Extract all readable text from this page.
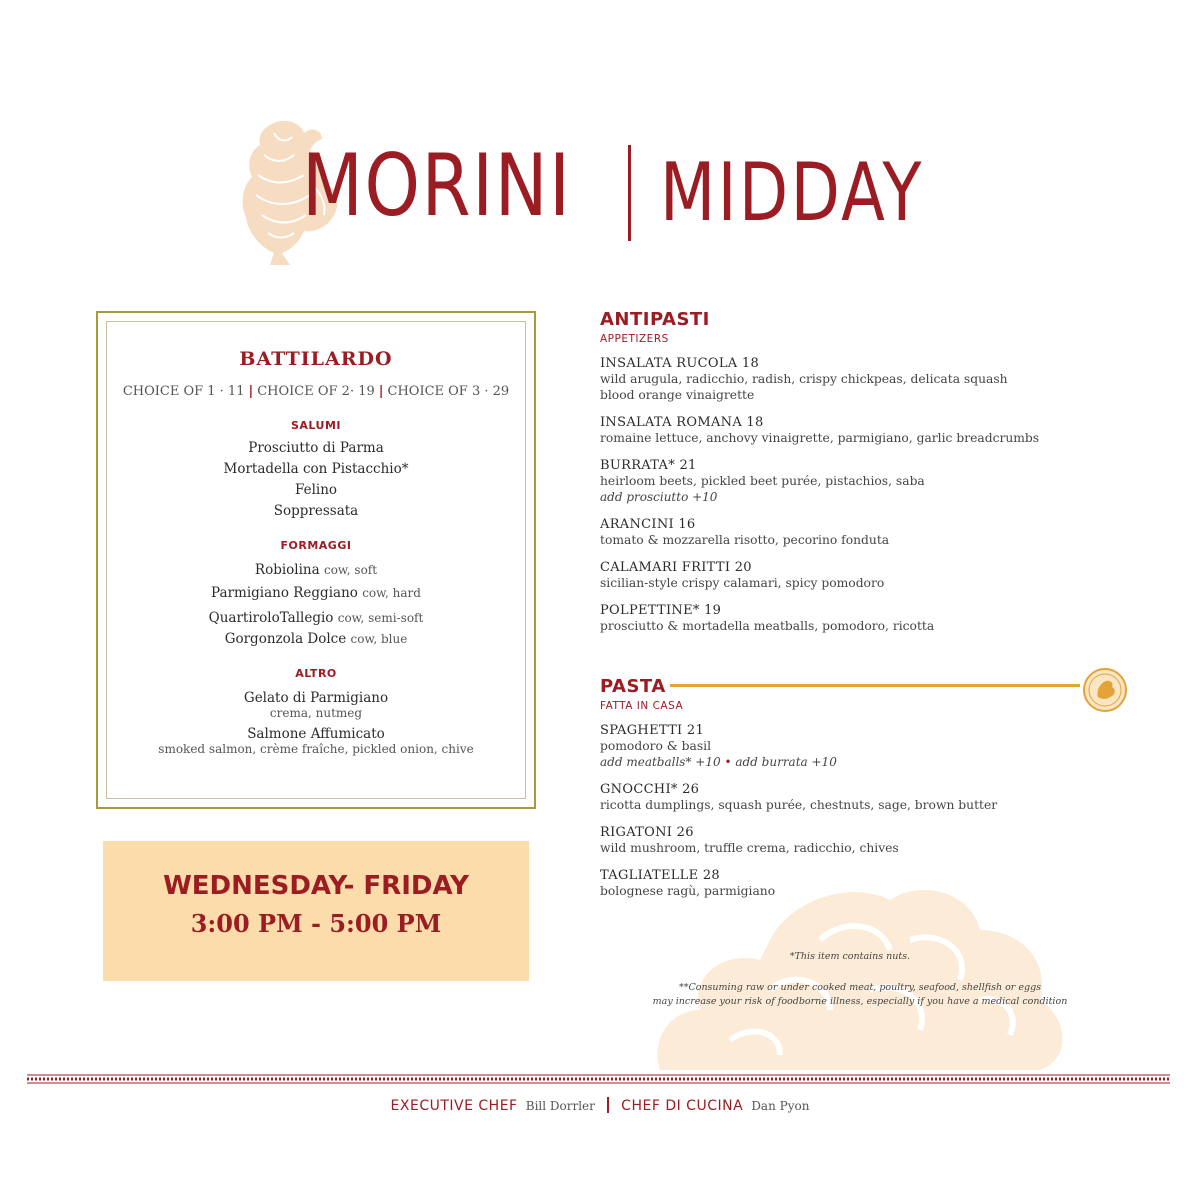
MORINI MIDDAY
BATTILARDO
CHOICE OF 1 · 11 | CHOICE OF 2· 19 | CHOICE OF 3 · 29
SALUMI
Prosciutto di Parma
Mortadella con Pistacchio*
Felino
Soppressata
FORMAGGI
Robiolina cow, soft
Parmigiano Reggiano cow, hard
QuartiroloTallegio cow, semi-soft
Gorgonzola Dolce cow, blue
ALTRO
Gelato di Parmigiano
crema, nutmeg
Salmone Affumicato
smoked salmon, crème fraîche, pickled onion, chive
WEDNESDAY- FRIDAY
3:00 PM - 5:00 PM
ANTIPASTI
APPETIZERS
INSALATA RUCOLA 18
wild arugula, radicchio, radish, crispy chickpeas, delicata squash
blood orange vinaigrette
INSALATA ROMANA 18
romaine lettuce, anchovy vinaigrette, parmigiano, garlic breadcrumbs
BURRATA* 21
heirloom beets, pickled beet purée, pistachios, saba
add prosciutto +10
ARANCINI 16
tomato & mozzarella risotto, pecorino fonduta
CALAMARI FRITTI 20
sicilian-style crispy calamari, spicy pomodoro
POLPETTINE* 19
prosciutto & mortadella meatballs, pomodoro, ricotta
PASTA
FATTA IN CASA
SPAGHETTI 21
pomodoro & basil
add meatballs* +10 • add burrata +10
GNOCCHI* 26
ricotta dumplings, squash purée, chestnuts, sage, brown butter
RIGATONI 26
wild mushroom, truffle crema, radicchio, chives
TAGLIATELLE 28
bolognese ragù, parmigiano
*This item contains nuts.
**Consuming raw or under cooked meat, poultry, seafood, shellfish or eggs
may increase your risk of foodborne illness, especially if you have a medical condition
EXECUTIVE CHEF Bill Dorrler CHEF DI CUCINA Dan Pyon
